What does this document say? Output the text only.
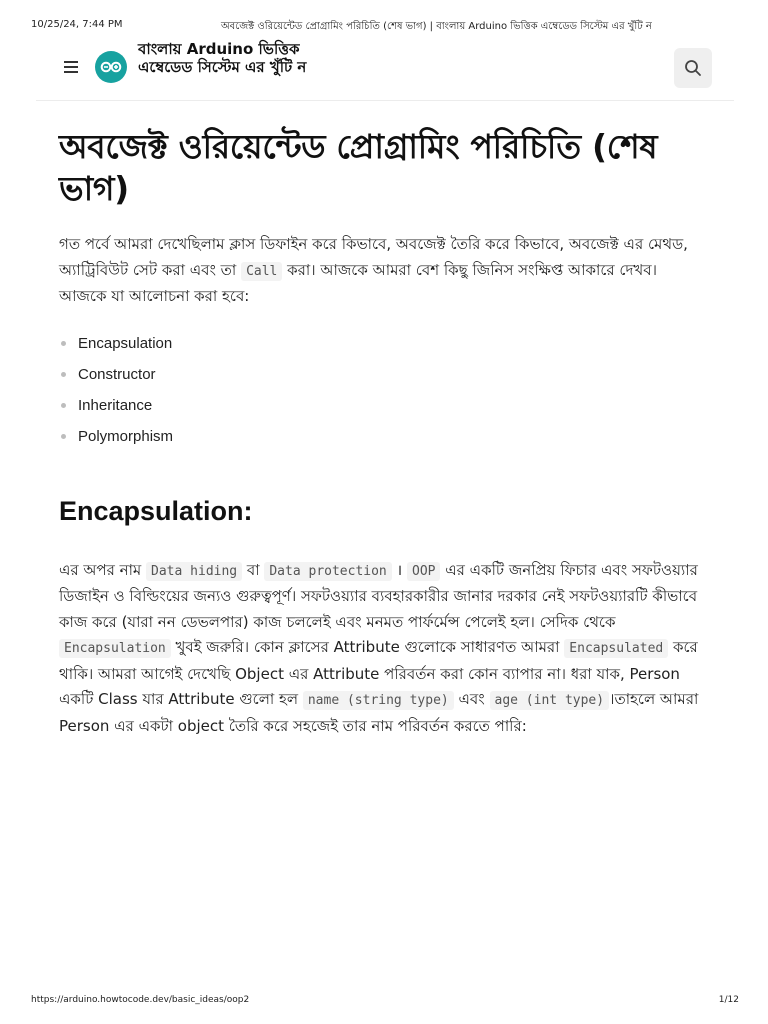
10/25/24, 7:44 PM	অবজেক্ট ওরিয়েন্টেড প্রোগ্রামিং পরিচিতি (শেষ ভাগ) | বাংলায় Arduino ভিত্তিক এম্বেডেড সিস্টেম এর খুঁটি ন
বাংলায় Arduino ভিত্তিক এম্বেডেড সিস্টেম এর খুঁটি ন
অবজেক্ট ওরিয়েন্টেড প্রোগ্রামিং পরিচিতি (শেষ ভাগ)

গত পর্বে আমরা দেখেছিলাম ক্লাস ডিফাইন করে কিভাবে, অবজেক্ট তৈরি করে কিভাবে, অবজেক্ট এর মেথড, অ্যাট্রিবিউট সেট করা এবং তা Call করা। আজকে আমরা বেশ কিছু জিনিস সংক্ষিপ্ত আকারে দেখব। আজকে যা আলোচনা করা হবে:

Encapsulation
Constructor
Inheritance
Polymorphism
Encapsulation:

এর অপর নাম Data hiding বা Data protection । OOP এর একটি জনপ্রিয় ফিচার এবং সফটওয়্যার ডিজাইন ও বিল্ডিংয়ের জন্যও গুরুত্বপূর্ণ। সফটওয়্যার ব্যবহারকারীর জানার দরকার নেই সফটওয়্যারটি কীভাবে কাজ করে (যারা নন ডেভলপার) কাজ চললেই এবং মনমত পার্ফর্মেন্স পেলেই হল। সেদিক থেকে Encapsulation খুবই জরুরি। কোন ক্লাসের Attribute গুলোকে সাধারণত আমরা Encapsulated করে থাকি। আমরা আগেই দেখেছি Object এর Attribute পরিবর্তন করা কোন ব্যাপার না। ধরা যাক, Person একটি Class যার Attribute গুলো হল name (string type) এবং age (int type) ।তাহলে আমরা Person এর একটা object তৈরি করে সহজেই তার নাম পরিবর্তন করতে পারি:

https://arduino.howtocode.dev/basic_ideas/oop2	1/12
